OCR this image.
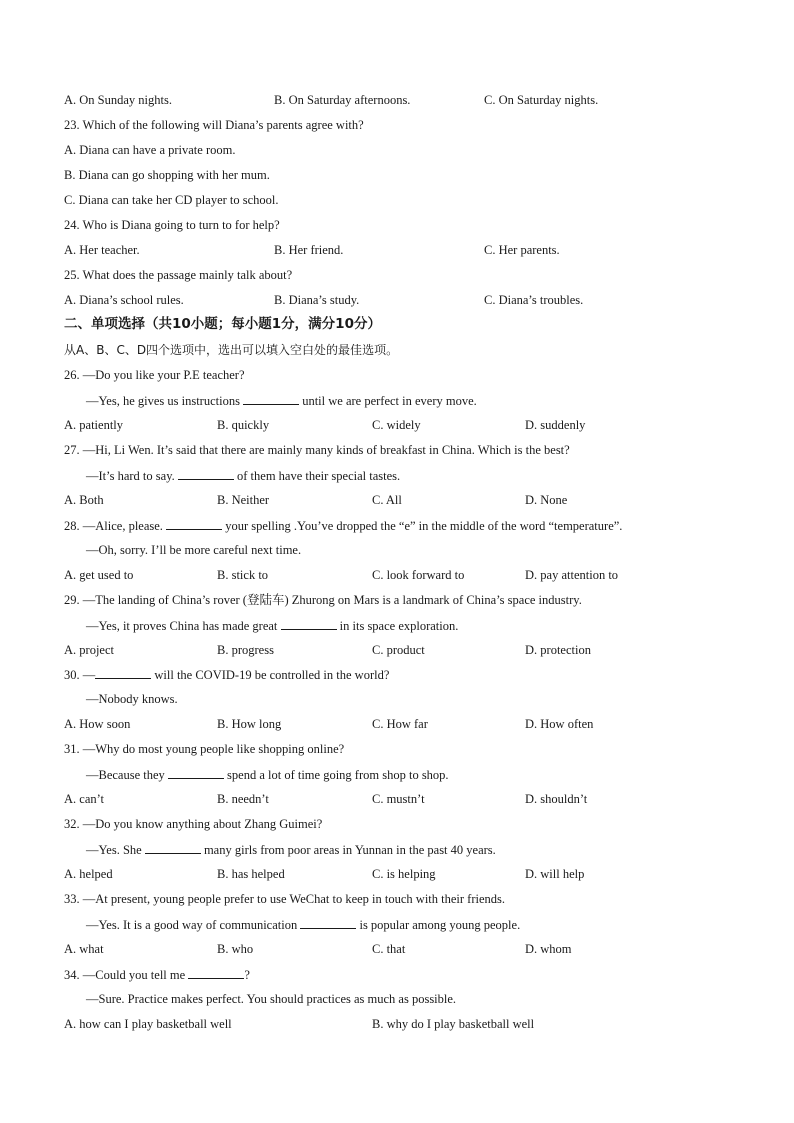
A. On Sunday nights.	B. On Saturday afternoons.	C. On Saturday nights.
23. Which of the following will Diana’s parents agree with?
A. Diana can have a private room.
B. Diana can go shopping with her mum.
C. Diana can take her CD player to school.
24. Who is Diana going to turn to for help?
A. Her teacher.	B. Her friend.	C. Her parents.
25. What does the passage mainly talk about?
A. Diana’s school rules.	B. Diana’s study.	C. Diana’s troubles.
二、单项选择（共10小题；每小题1分，满分10分）
从A、B、C、D四个选项中，选出可以填入空白处的最佳选项。
26. —Do you like your P.E teacher?
—Yes, he gives us instructions	until we are perfect in every move.
A. patiently	B. quickly	C. widely	D. suddenly
27. —Hi, Li Wen. It’s said that there are mainly many kinds of breakfast in China. Which is the best?
—It’s hard to say.	of them have their special tastes.
A. Both	B. Neither	C. All	D. None
28. —Alice, please.	your spelling .You’ve dropped the “e” in the middle of the word “temperature”.
—Oh, sorry. I’ll be more careful next time.
A. get used to	B. stick to	C. look forward to	D. pay attention to
29. —The landing of China’s rover (登陆车) Zhurong on Mars is a landmark of China’s space industry.
—Yes, it proves China has made great	in its space exploration.
A. project	B. progress	C. product	D. protection
30. —	will the COVID-19 be controlled in the world?
—Nobody knows.
A. How soon	B. How long	C. How far	D. How often
31. —Why do most young people like shopping online?
—Because they	spend a lot of time going from shop to shop.
A. can’t	B. needn’t	C. mustn’t	D. shouldn’t
32. —Do you know anything about Zhang Guimei?
—Yes. She	many girls from poor areas in Yunnan in the past 40 years.
A. helped	B. has helped	C. is helping	D. will help
33. —At present, young people prefer to use WeChat to keep in touch with their friends.
—Yes. It is a good way of communication	is popular among young people.
A. what	B. who	C. that	D. whom
34. —Could you tell me	?
—Sure. Practice makes perfect. You should practices as much as possible.
A. how can I play basketball well	B. why do I play basketball well
